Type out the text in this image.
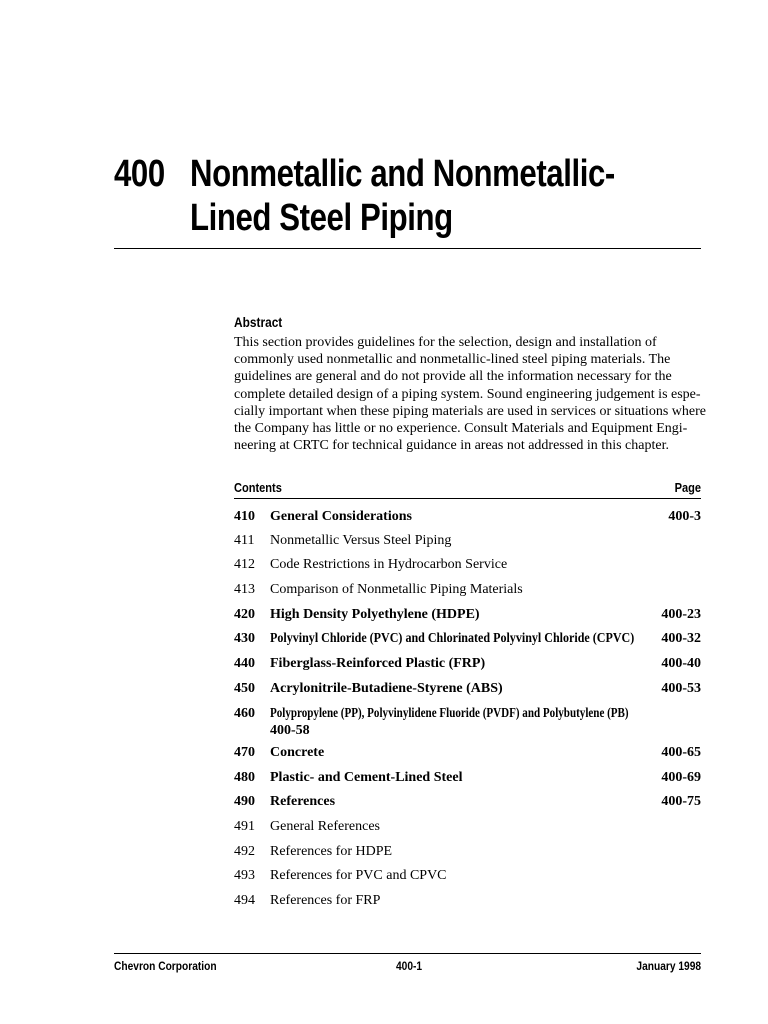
400 Nonmetallic and Nonmetallic-
Lined Steel Piping
Abstract
This section provides guidelines for the selection, design and installation of
commonly used nonmetallic and nonmetallic-lined steel piping materials. The
guidelines are general and do not provide all the information necessary for the
complete detailed design of a piping system. Sound engineering judgement is espe-
cially important when these piping materials are used in services or situations where
the Company has little or no experience. Consult Materials and Equipment Engi-
neering at CRTC for technical guidance in areas not addressed in this chapter.
Contents	Page
410 General Considerations	400-3
411 Nonmetallic Versus Steel Piping
412 Code Restrictions in Hydrocarbon Service
413 Comparison of Nonmetallic Piping Materials
420 High Density Polyethylene (HDPE)	400-23
430 Polyvinyl Chloride (PVC) and Chlorinated Polyvinyl Chloride (CPVC) 400-32
440 Fiberglass-Reinforced Plastic (FRP)	400-40
450 Acrylonitrile-Butadiene-Styrene (ABS)	400-53
460 Polypropylene (PP), Polyvinylidene Fluoride (PVDF) and Polybutylene (PB)
400-58
470 Concrete	400-65
480 Plastic- and Cement-Lined Steel	400-69
490 References	400-75
491 General References
492 References for HDPE
493 References for PVC and CPVC
494 References for FRP
Chevron Corporation	400-1	January 1998
